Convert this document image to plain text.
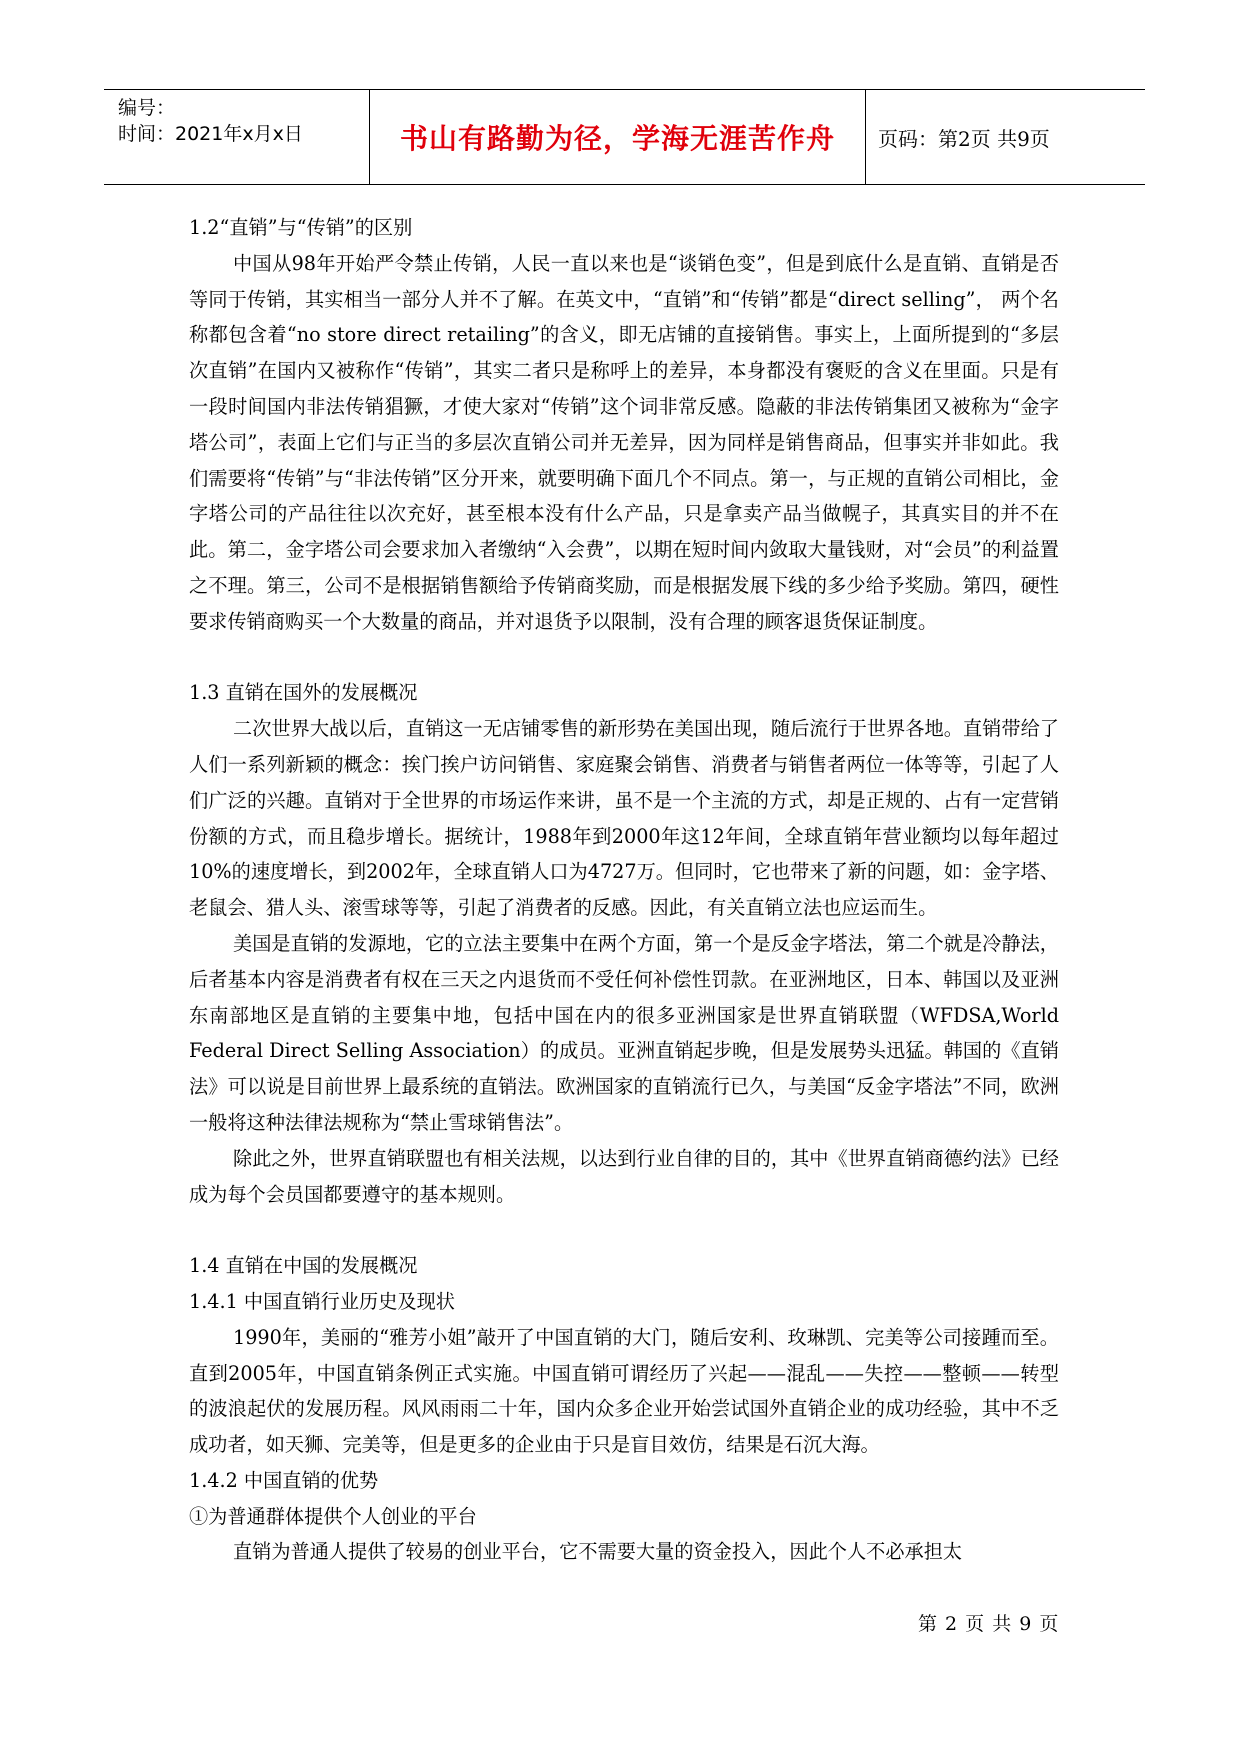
编号：
时间：2021年x月x日	书山有路勤为径，学海无涯苦作舟 页码：第2页 共9页

1.2“直销”与“传销”的区别

中国从98年开始严令禁止传销，人民一直以来也是“谈销色变”，但是到底什么是直销、直销是否等同于传销，其实相当一部分人并不了解。在英文中，“直销”和“传销”都是“direct selling”， 两个名称都包含着“no store direct retailing”的含义，即无店铺的直接销售。事实上，上面所提到的“多层次直销”在国内又被称作“传销”，其实二者只是称呼上的差异，本身都没有褒贬的含义在里面。只是有一段时间国内非法传销猖獗，才使大家对“传销”这个词非常反感。隐蔽的非法传销集团又被称为“金字塔公司”，表面上它们与正当的多层次直销公司并无差异，因为同样是销售商品，但事实并非如此。我们需要将“传销”与“非法传销”区分开来，就要明确下面几个不同点。第一，与正规的直销公司相比，金字塔公司的产品往往以次充好，甚至根本没有什么产品，只是拿卖产品当做幌子，其真实目的并不在此。第二，金字塔公司会要求加入者缴纳“入会费”，以期在短时间内敛取大量钱财，对“会员”的利益置之不理。第三，公司不是根据销售额给予传销商奖励，而是根据发展下线的多少给予奖励。第四，硬性要求传销商购买一个大数量的商品，并对退货予以限制，没有合理的顾客退货保证制度。

1.3 直销在国外的发展概况

二次世界大战以后，直销这一无店铺零售的新形势在美国出现，随后流行于世界各地。直销带给了人们一系列新颖的概念：挨门挨户访问销售、家庭聚会销售、消费者与销售者两位一体等等，引起了人们广泛的兴趣。直销对于全世界的市场运作来讲，虽不是一个主流的方式，却是正规的、占有一定营销份额的方式，而且稳步增长。据统计，1988年到2000年这12年间，全球直销年营业额均以每年超过10%的速度增长，到2002年，全球直销人口为4727万。但同时，它也带来了新的问题，如：金字塔、老鼠会、猎人头、滚雪球等等，引起了消费者的反感。因此，有关直销立法也应运而生。

美国是直销的发源地，它的立法主要集中在两个方面，第一个是反金字塔法，第二个就是冷静法，后者基本内容是消费者有权在三天之内退货而不受任何补偿性罚款。在亚洲地区，日本、韩国以及亚洲东南部地区是直销的主要集中地，包括中国在内的很多亚洲国家是世界直销联盟（WFDSA,World Federal Direct Selling Association）的成员。亚洲直销起步晚，但是发展势头迅猛。韩国的《直销法》可以说是目前世界上最系统的直销法。欧洲国家的直销流行已久，与美国“反金字塔法”不同，欧洲一般将这种法律法规称为“禁止雪球销售法”。

除此之外，世界直销联盟也有相关法规，以达到行业自律的目的，其中《世界直销商德约法》已经成为每个会员国都要遵守的基本规则。

1.4 直销在中国的发展概况

1.4.1 中国直销行业历史及现状

1990年，美丽的“雅芳小姐”敲开了中国直销的大门，随后安利、玫琳凯、完美等公司接踵而至。直到2005年，中国直销条例正式实施。中国直销可谓经历了兴起——混乱——失控——整顿——转型的波浪起伏的发展历程。风风雨雨二十年，国内众多企业开始尝试国外直销企业的成功经验，其中不乏成功者，如天狮、完美等，但是更多的企业由于只是盲目效仿，结果是石沉大海。

1.4.2 中国直销的优势

①为普通群体提供个人创业的平台

直销为普通人提供了较易的创业平台，它不需要大量的资金投入，因此个人不必承担太

第 2 页 共 9 页
